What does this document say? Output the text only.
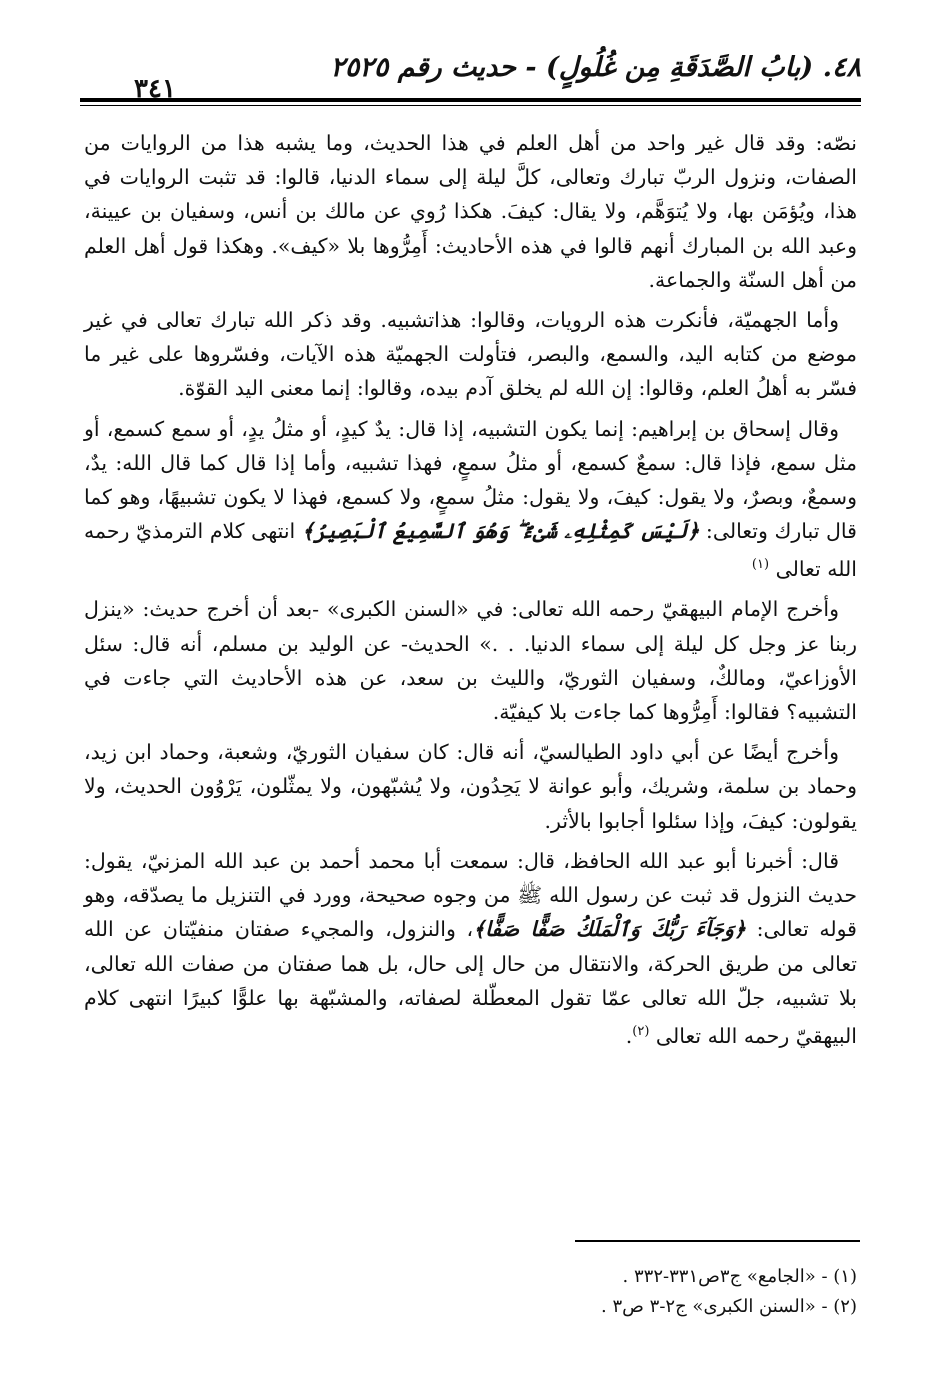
٤٨. (بابُ الصَّدَقَةِ مِن غُلُولٍ) - حديث رقم ٢٥٢٥
٣٤١

نصّه: وقد قال غير واحد من أهل العلم في هذا الحديث، وما يشبه هذا من الروايات من الصفات، ونزول الربّ تبارك وتعالى، كلَّ ليلة إلى سماء الدنيا، قالوا: قد تثبت الروايات في هذا، ويُؤمَن بها، ولا يُتوَهَّم، ولا يقال: كيفَ. هكذا رُوي عن مالك بن أنس، وسفيان بن عيينة، وعبد الله بن المبارك أنهم قالوا في هذه الأحاديث: أَمِرُّوها بلا «كيف». وهكذا قول أهل العلم من أهل السنّة والجماعة.

وأما الجهميّة، فأنكرت هذه الرويات، وقالوا: هذاتشبيه. وقد ذكر الله تبارك تعالى في غير موضع من كتابه اليد، والسمع، والبصر، فتأولت الجهميّة هذه الآيات، وفسّروها على غير ما فسّر به أهلُ العلم، وقالوا: إن الله لم يخلق آدم بيده، وقالوا: إنما معنى اليد القوّة.

وقال إسحاق بن إبراهيم: إنما يكون التشبيه، إذا قال: يدٌ كيدٍ، أو مثلُ يدٍ، أو سمع كسمع، أو مثل سمع، فإذا قال: سمعٌ كسمع، أو مثلُ سمعٍ، فهذا تشبيه، وأما إذا قال كما قال الله: يدٌ، وسمعٌ، وبصرٌ، ولا يقول: كيفَ، ولا يقول: مثلُ سمعٍ، ولا كسمع، فهذا لا يكون تشبيهًا، وهو كما قال تبارك وتعالى: ﴿لَيْسَ كَمِثْلِهِۦ شَىْءٌ ۖ وَهُوَ ٱلسَّمِيعُ ٱلْبَصِيرُ﴾ انتهى كلام الترمذيّ رحمه الله تعالى $^{(١)}$

وأخرج الإمام البيهقيّ رحمه الله تعالى: في «السنن الكبرى» -بعد أن أخرج حديث: «ينزل ربنا عز وجل كل ليلة إلى سماء الدنيا. . .» الحديث- عن الوليد بن مسلم، أنه قال: سئل الأوزاعيّ، ومالكٌ، وسفيان الثوريّ، والليث بن سعد، عن هذه الأحاديث التي جاءت في التشبيه؟ فقالوا: أَمِرُّوها كما جاءت بلا كيفيّة.

وأخرج أيضًا عن أبي داود الطيالسيّ، أنه قال: كان سفيان الثوريّ، وشعبة، وحماد ابن زيد، وحماد بن سلمة، وشريك، وأبو عوانة لا يَحِدُون، ولا يُشبّهون، ولا يمثّلون، يَرْوُون الحديث، ولا يقولون: كيفَ، وإذا سئلوا أجابوا بالأثر.

قال: أخبرنا أبو عبد الله الحافظ، قال: سمعت أبا محمد أحمد بن عبد الله المزنيّ، يقول: حديث النزول قد ثبت عن رسول الله ﷺ من وجوه صحيحة، وورد في التنزيل ما يصدّقه، وهو قوله تعالى: ﴿وَجَآءَ رَبُّكَ وَٱلْمَلَكُ صَفًّا صَفًّا﴾، والنزول، والمجيء صفتان منفيّتان عن الله تعالى من طريق الحركة، والانتقال من حال إلى حال، بل هما صفتان من صفات الله تعالى، بلا تشبيه، جلّ الله تعالى عمّا تقول المعطّلة لصفاته، والمشبّهة بها علوًّا كبيرًا انتهى كلام البيهقيّ رحمه الله تعالى $^{(٢)}$.

(١) - «الجامع» ج٣ص٣٣١-٣٣٢ .
(٢) - «السنن الكبرى» ج٢-٣ ص٣ .
